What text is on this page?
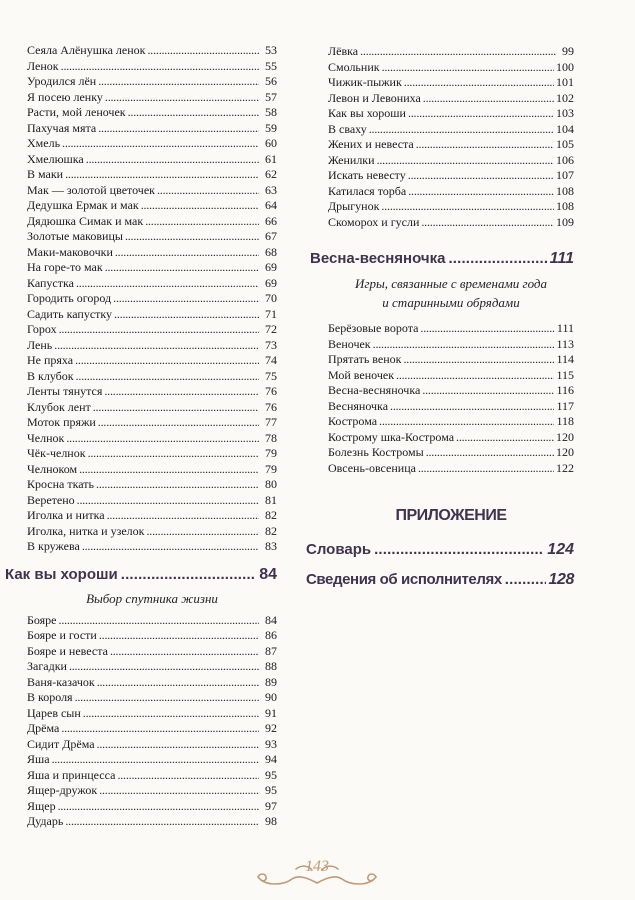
Сеяла Алёнушка ленок . . .	53
Ленок . . .	55
Уродился лён . . .	56
Я посею ленку . . .	57
Расти, мой леночек . . .	58
Пахучая мята . . .	59
Хмель . . .	60
Хмелюшка . . .	61
В маки . . .	62
Мак — золотой цветочек . . .	63
Дедушка Ермак и мак . . .	64
Дядюшка Симак и мак . . .	66
Золотые маковицы . . .	67
Маки-маковочки . . .	68
На горе-то мак . . .	69
Капустка . . .	69
Городить огород . . .	70
Садить капустку . . .	71
Горох . . .	72
Лень . . .	73
Не пряха . . .	74
В клубок . . .	75
Ленты тянутся . . .	76
Клубок лент . . .	76
Моток пряжи . . .	77
Челнок . . .	78
Чёк-челнок . . .	79
Челноком . . .	79
Кросна ткать . . .	80
Веретено . . .	81
Иголка и нитка . . .	82
Иголка, нитка и узелок . . .	82
В кружева . . .	83
Как вы хороши . . .	84
Выбор спутника жизни
Бояре . . .	84
Бояре и гости . . .	86
Бояре и невеста . . .	87
Загадки . . .	88
Ваня-казачок . . .	89
В короля . . .	90
Царев сын . . .	91
Дрёма . . .	92
Сидит Дрёма . . .	93
Яша . . .	94
Яша и принцесса . . .	95
Ящер-дружок . . .	95
Ящер . . .	97
Дударь . . .	98
Лёвка . . .	99
Смольник . . .	100
Чижик-пыжик . . .	101
Левон и Левониха . . .	102
Как вы хороши . . .	103
В сваху . . .	104
Жених и невеста . . .	105
Женилки . . .	106
Искать невесту . . .	107
Катилася торба . . .	108
Дрыгунок . . .	108
Скоморох и гусли . . .	109
Весна-весняночка . . .	111
Игры, связанные с временами года
и старинными обрядами
Берёзовые ворота . . .	111
Веночек . . .	113
Прятать венок . . .	114
Мой веночек . . .	115
Весна-весняночка . . .	116
Весняночка . . .	117
Кострома . . .	118
Кострому шка-Кострома . . .	120
Болезнь Костромы . . .	120
Овсень-овсеница . . .	122
ПРИЛОЖЕНИЕ
Словарь . . .	124
Сведения об исполнителях . . .	128
143
